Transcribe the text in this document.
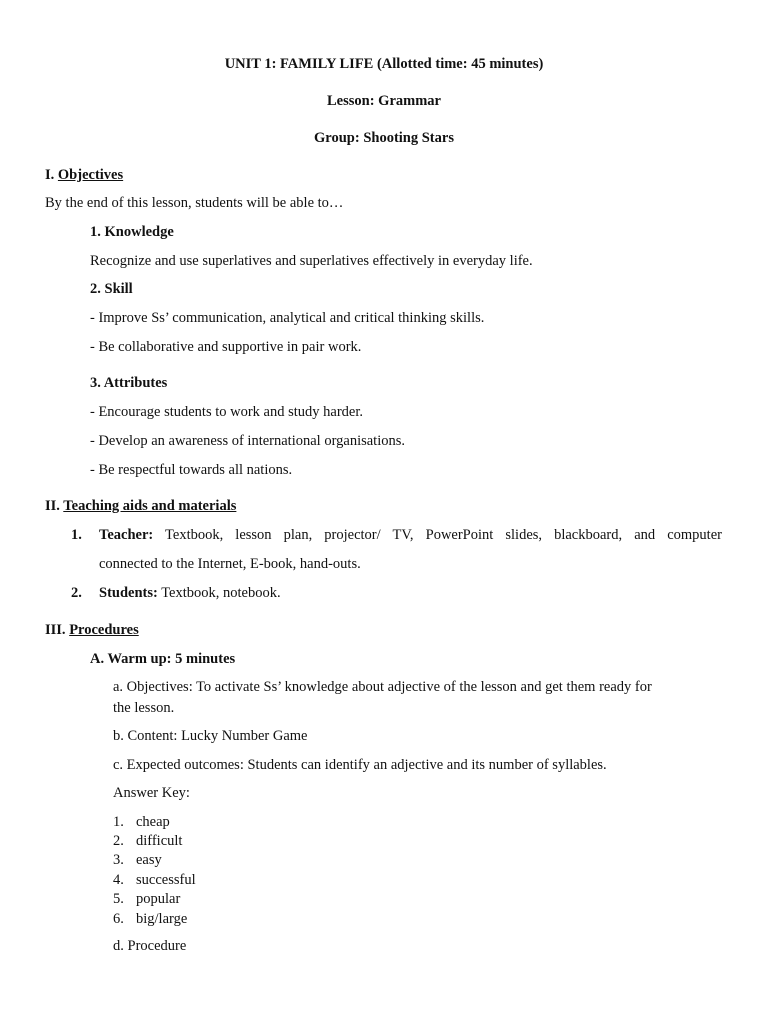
UNIT 1: FAMILY LIFE (Allotted time: 45 minutes)
Lesson: Grammar
Group: Shooting Stars
I. Objectives
By the end of this lesson, students will be able to…
1. Knowledge
Recognize and use superlatives and superlatives effectively in everyday life.
2. Skill
- Improve Ss’ communication, analytical and critical thinking skills.
- Be collaborative and supportive in pair work.
3. Attributes
- Encourage students to work and study harder.
- Develop an awareness of international organisations.
- Be respectful towards all nations.
II. Teaching aids and materials
1. Teacher: Textbook, lesson plan, projector/ TV, PowerPoint slides, blackboard, and computer
connected to the Internet, E-book, hand-outs.
2. Students: Textbook, notebook.
III. Procedures
A. Warm up: 5 minutes
a. Objectives: To activate Ss’ knowledge about adjective of the lesson and get them ready for
the lesson.
b. Content: Lucky Number Game
c. Expected outcomes: Students can identify an adjective and its number of syllables.
Answer Key:
1. cheap
2. difficult
3. easy
4. successful
5. popular
6. big/large
d. Procedure
